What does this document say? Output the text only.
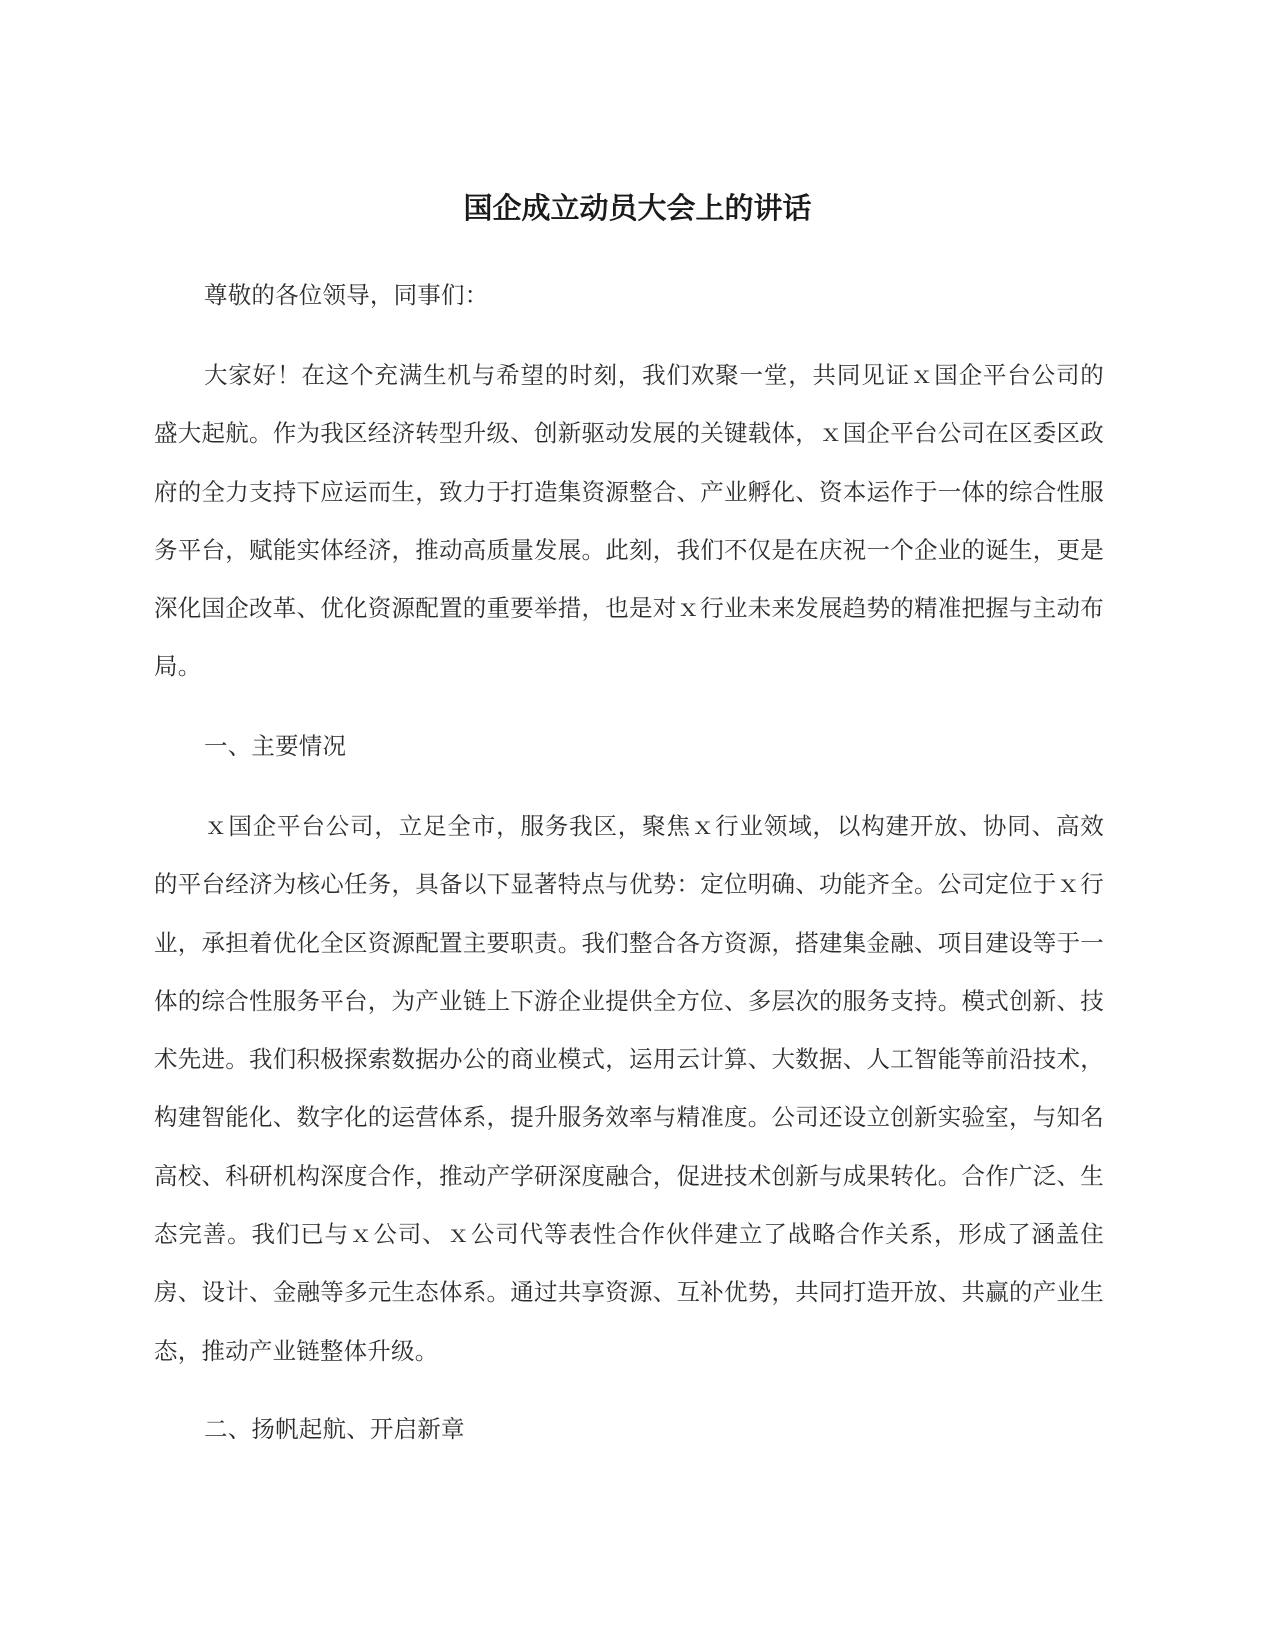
国企成立动员大会上的讲话

尊敬的各位领导，同事们：

大家好！在这个充满生机与希望的时刻，我们欢聚一堂，共同见证ｘ国企平台公司的盛大起航。作为我区经济转型升级、创新驱动发展的关键载体，ｘ国企平台公司在区委区政府的全力支持下应运而生，致力于打造集资源整合、产业孵化、资本运作于一体的综合性服务平台，赋能实体经济，推动高质量发展。此刻，我们不仅是在庆祝一个企业的诞生，更是深化国企改革、优化资源配置的重要举措，也是对ｘ行业未来发展趋势的精准把握与主动布局。

一、主要情况

ｘ国企平台公司，立足全市，服务我区，聚焦ｘ行业领域，以构建开放、协同、高效的平台经济为核心任务，具备以下显著特点与优势：定位明确、功能齐全。公司定位于ｘ行业，承担着优化全区资源配置主要职责。我们整合各方资源，搭建集金融、项目建设等于一体的综合性服务平台，为产业链上下游企业提供全方位、多层次的服务支持。模式创新、技术先进。我们积极探索数据办公的商业模式，运用云计算、大数据、人工智能等前沿技术，构建智能化、数字化的运营体系，提升服务效率与精准度。公司还设立创新实验室，与知名高校、科研机构深度合作，推动产学研深度融合，促进技术创新与成果转化。合作广泛、生态完善。我们已与ｘ公司、ｘ公司代等表性合作伙伴建立了战略合作关系，形成了涵盖住房、设计、金融等多元生态体系。通过共享资源、互补优势，共同打造开放、共赢的产业生态，推动产业链整体升级。

二、扬帆起航、开启新章
